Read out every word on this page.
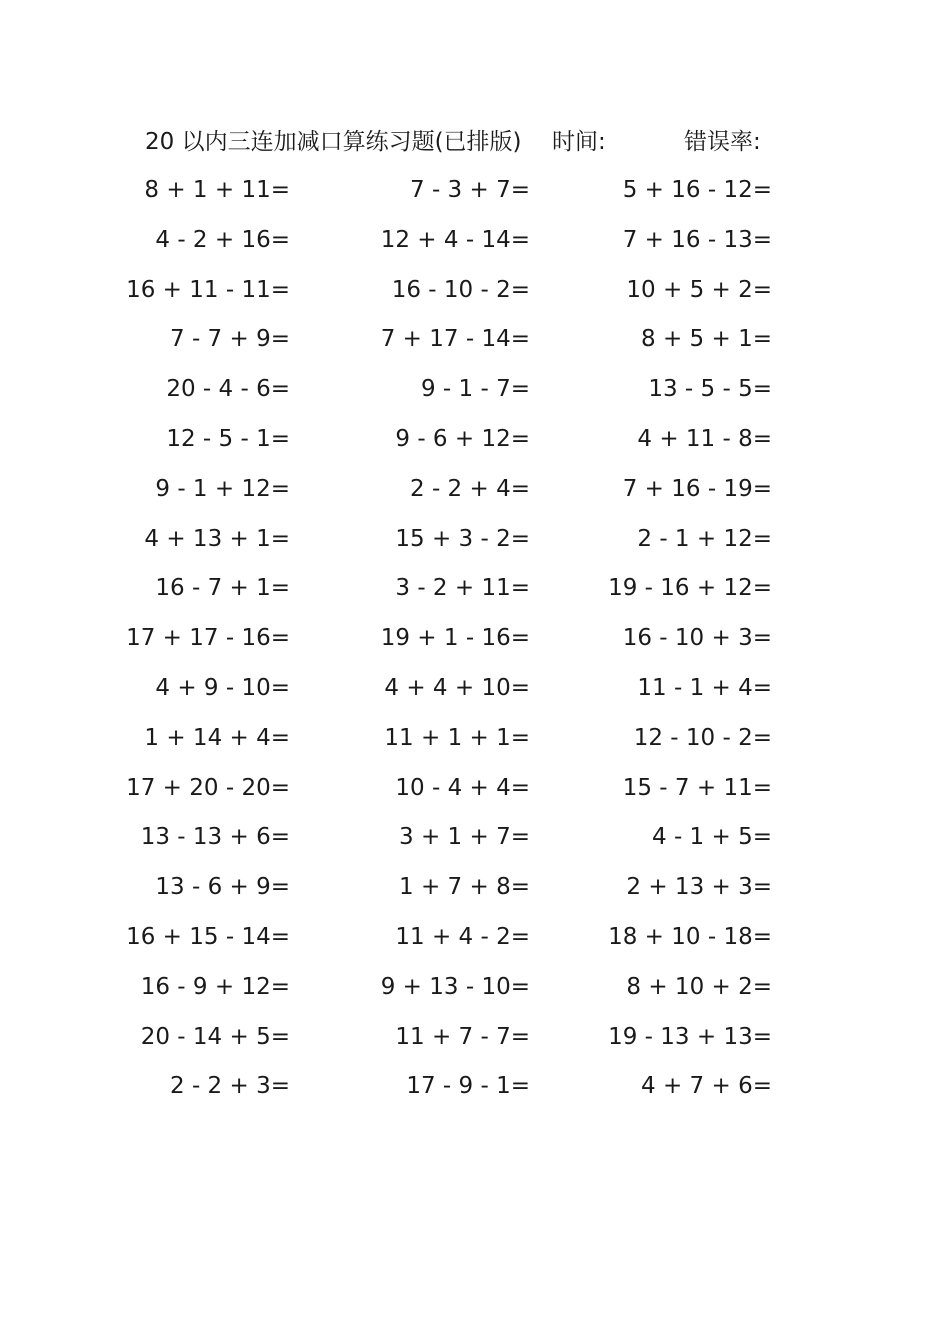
20 以内三连加减口算练习题(已排版) 时间:	错误率:
8 + 1 + 11=	7 - 3 + 7=	5 + 16 - 12=
4 - 2 + 16=	12 + 4 - 14=	7 + 16 - 13=
16 + 11 - 11=	16 - 10 - 2=	10 + 5 + 2=
7 - 7 + 9=	7 + 17 - 14=	8 + 5 + 1=
20 - 4 - 6=	9 - 1 - 7=	13 - 5 - 5=
12 - 5 - 1=	9 - 6 + 12=	4 + 11 - 8=
9 - 1 + 12=	2 - 2 + 4=	7 + 16 - 19=
4 + 13 + 1=	15 + 3 - 2=	2 - 1 + 12=
16 - 7 + 1=	3 - 2 + 11=	19 - 16 + 12=
17 + 17 - 16=	19 + 1 - 16=	16 - 10 + 3=
4 + 9 - 10=	4 + 4 + 10=	11 - 1 + 4=
1 + 14 + 4=	11 + 1 + 1=	12 - 10 - 2=
17 + 20 - 20=	10 - 4 + 4=	15 - 7 + 11=
13 - 13 + 6=	3 + 1 + 7=	4 - 1 + 5=
13 - 6 + 9=	1 + 7 + 8=	2 + 13 + 3=
16 + 15 - 14=	11 + 4 - 2=	18 + 10 - 18=
16 - 9 + 12=	9 + 13 - 10=	8 + 10 + 2=
20 - 14 + 5=	11 + 7 - 7=	19 - 13 + 13=
2 - 2 + 3=	17 - 9 - 1=	4 + 7 + 6=
